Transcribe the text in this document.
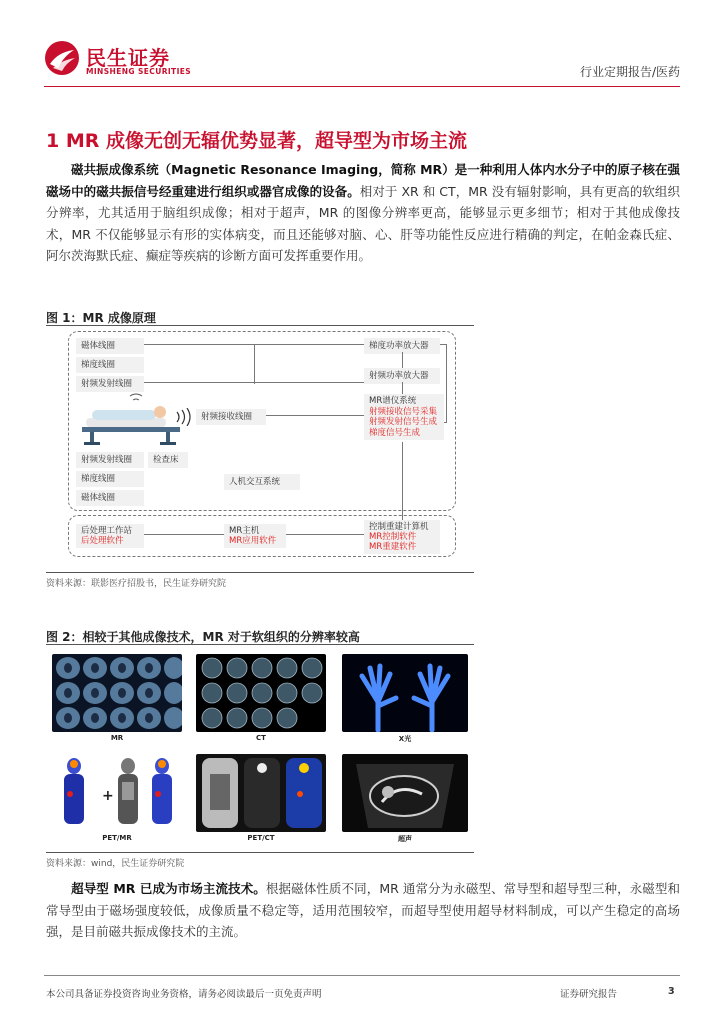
民生证券
MINSHENG SECURITIES	行业定期报告/医药
1 MR 成像无创无辐优势显著，超导型为市场主流
  磁共振成像系统（Magnetic Resonance Imaging，简称 MR）是一种利用人体内水分子中的原子核在强磁场中的磁共振信号经重建进行组织或器官成像的设备。相对于 XR 和 CT，MR 没有辐射影响，具有更高的软组织分辨率，尤其适用于脑组织成像；相对于超声，MR 的图像分辨率更高，能够显示更多细节；相对于其他成像技术，MR 不仅能够显示有形的实体病变，而且还能够对脑、心、肝等功能性反应进行精确的判定，在帕金森氏症、阿尔茨海默氏症、癫症等疾病的诊断方面可发挥重要作用。
图 1：MR 成像原理
磁体线圈
梯度线圈
射频发射线圈
射频接收线圈
射频发射线圈
梯度线圈
磁体线圈
检查床
人机交互系统
梯度功率放大器
射频功率放大器
MR谱仪系统
射频接收信号采集
射频发射信号生成
梯度信号生成
后处理工作站
后处理软件
MR主机
MR应用软件
控制重建计算机
MR控制软件
MR重建软件
资料来源：联影医疗招股书，民生证券研究院
图 2：相较于其他成像技术，MR 对于软组织的分辨率较高
MR	CT	X光
+
PET/MR	PET/CT	超声
资料来源：wind，民生证券研究院
  超导型 MR 已成为市场主流技术。根据磁体性质不同，MR 通常分为永磁型、常导型和超导型三种，永磁型和常导型由于磁场强度较低，成像质量不稳定等，适用范围较窄，而超导型使用超导材料制成，可以产生稳定的高场强，是目前磁共振成像技术的主流。
本公司具备证券投资咨询业务资格，请务必阅读最后一页免责声明	证券研究报告	3
